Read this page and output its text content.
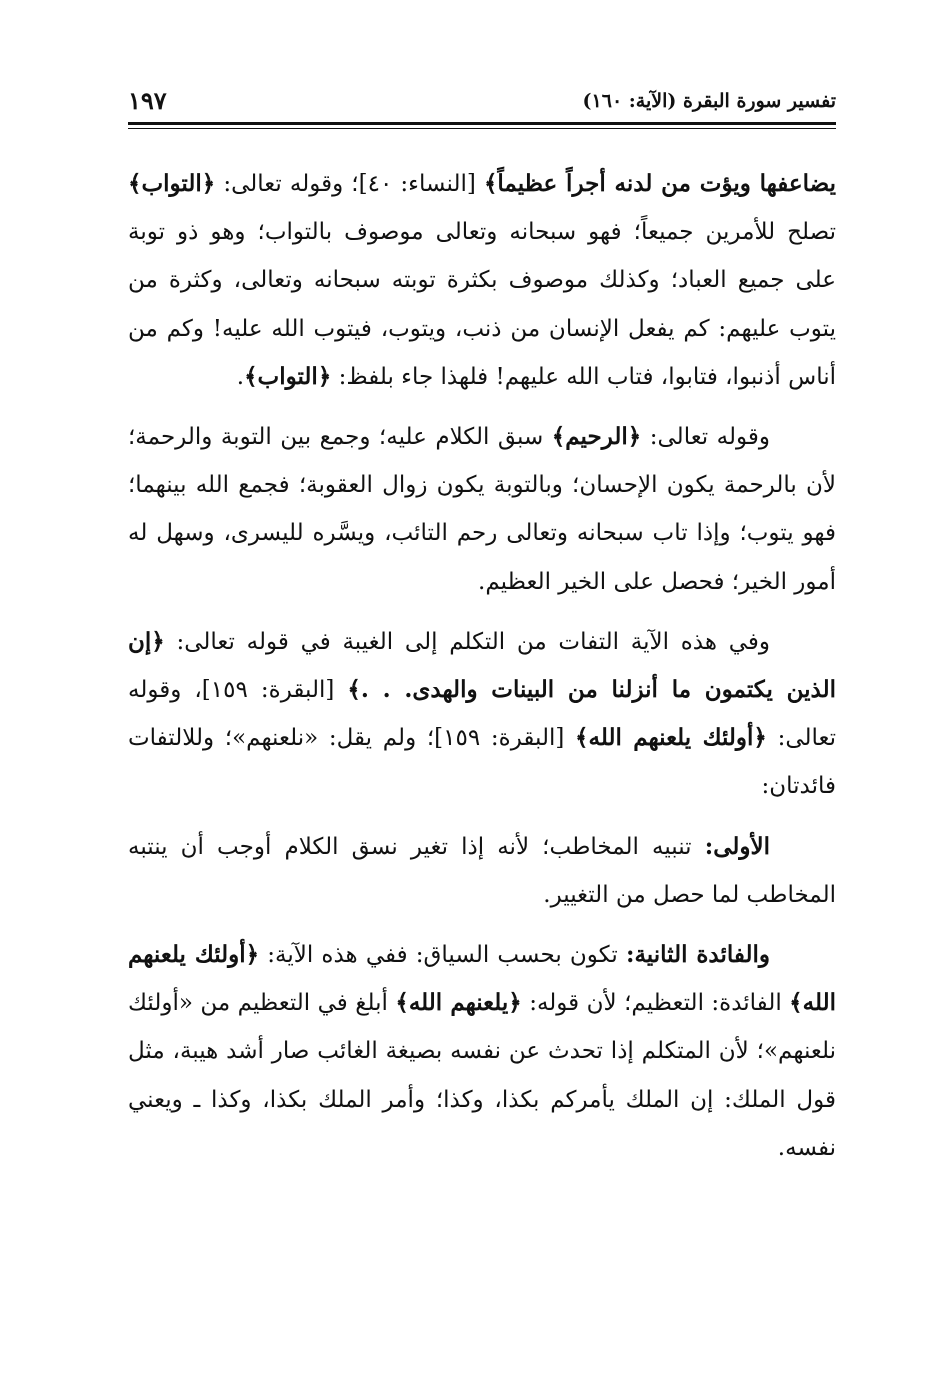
١٩٧	تفسير سورة البقرة (الآية: ١٦٠)

يضاعفها ويؤت من لدنه أجراً عظيماً﴾ [النساء: ٤٠]؛ وقوله تعالى: ﴿التواب﴾ تصلح للأمرين جميعاً؛ فهو سبحانه وتعالى موصوف بالتواب؛ وهو ذو توبة على جميع العباد؛ وكذلك موصوف بكثرة توبته سبحانه وتعالى، وكثرة من يتوب عليهم: كم يفعل الإنسان من ذنب، ويتوب، فيتوب الله عليه! وكم من أناس أذنبوا، فتابوا، فتاب الله عليهم! فلهذا جاء بلفظ: ﴿التواب﴾.

وقوله تعالى: ﴿الرحيم﴾ سبق الكلام عليه؛ وجمع بين التوبة والرحمة؛ لأن بالرحمة يكون الإحسان؛ وبالتوبة يكون زوال العقوبة؛ فجمع الله بينهما؛ فهو يتوب؛ وإذا تاب سبحانه وتعالى رحم التائب، ويسَّره لليسرى، وسهل له أمور الخير؛ فحصل على الخير العظيم.

وفي هذه الآية التفات من التكلم إلى الغيبة في قوله تعالى: ﴿إن الذين يكتمون ما أنزلنا من البينات والهدى. . .﴾ [البقرة: ١٥٩]، وقوله تعالى: ﴿أولئك يلعنهم الله﴾ [البقرة: ١٥٩]؛ ولم يقل: «نلعنهم»؛ وللالتفات فائدتان:

الأولى: تنبيه المخاطب؛ لأنه إذا تغير نسق الكلام أوجب أن ينتبه المخاطب لما حصل من التغيير.

والفائدة الثانية: تكون بحسب السياق: ففي هذه الآية: ﴿أولئك يلعنهم الله﴾ الفائدة: التعظيم؛ لأن قوله: ﴿يلعنهم الله﴾ أبلغ في التعظيم من «أولئك نلعنهم»؛ لأن المتكلم إذا تحدث عن نفسه بصيغة الغائب صار أشد هيبة، مثل قول الملك: إن الملك يأمركم بكذا، وكذا؛ وأمر الملك بكذا، وكذا ـ ويعني نفسه.
